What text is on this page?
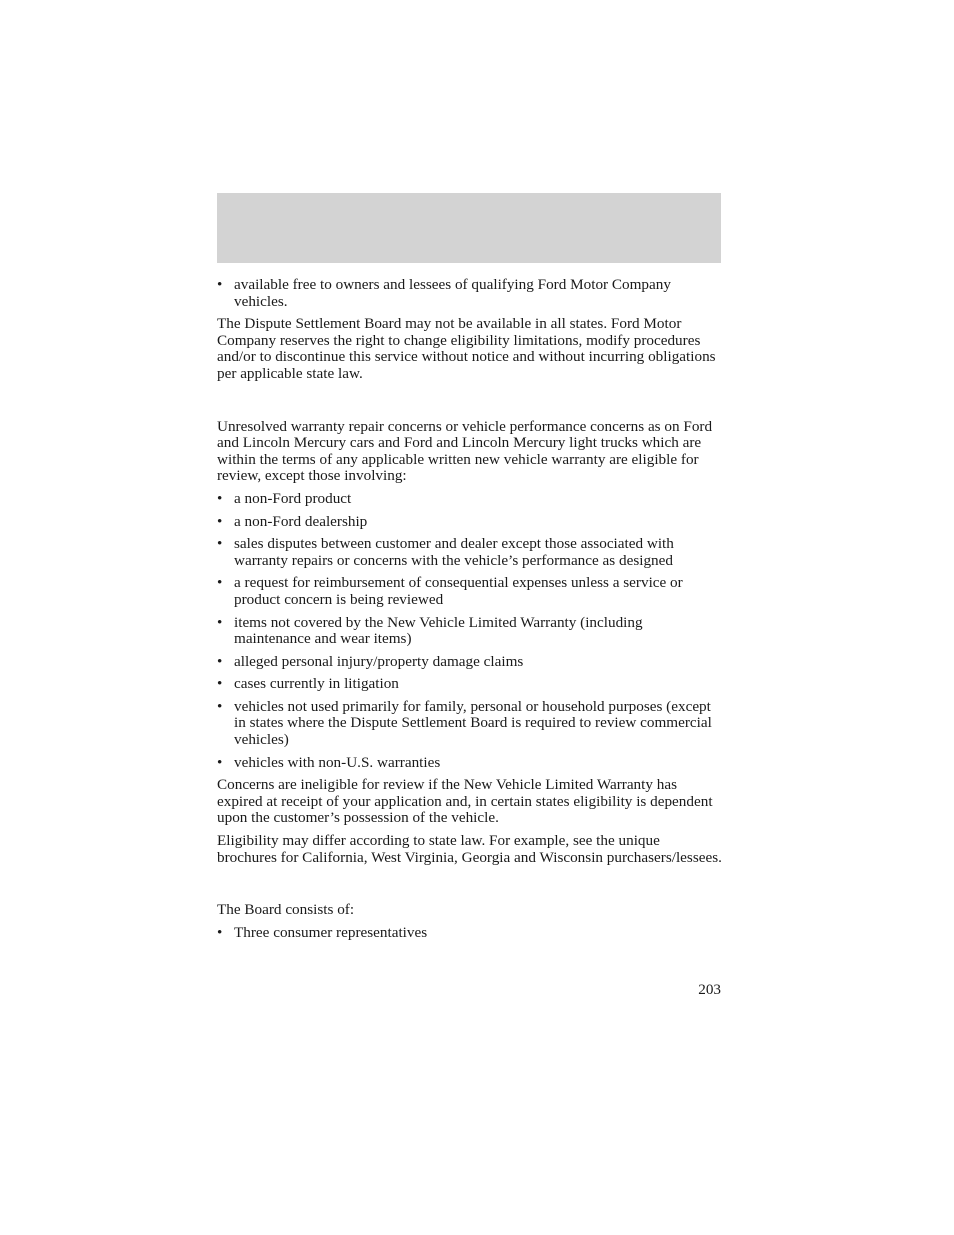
• available free to owners and lessees of qualifying Ford Motor Company vehicles.

The Dispute Settlement Board may not be available in all states. Ford Motor Company reserves the right to change eligibility limitations, modify procedures and/or to discontinue this service without notice and without incurring obligations per applicable state law.

Unresolved warranty repair concerns or vehicle performance concerns as on Ford and Lincoln Mercury cars and Ford and Lincoln Mercury light trucks which are within the terms of any applicable written new vehicle warranty are eligible for review, except those involving:

• a non-Ford product
• a non-Ford dealership
• sales disputes between customer and dealer except those associated with warranty repairs or concerns with the vehicle’s performance as designed
• a request for reimbursement of consequential expenses unless a service or product concern is being reviewed
• items not covered by the New Vehicle Limited Warranty (including maintenance and wear items)
• alleged personal injury/property damage claims
• cases currently in litigation
• vehicles not used primarily for family, personal or household purposes (except in states where the Dispute Settlement Board is required to review commercial vehicles)
• vehicles with non-U.S. warranties

Concerns are ineligible for review if the New Vehicle Limited Warranty has expired at receipt of your application and, in certain states eligibility is dependent upon the customer’s possession of the vehicle.

Eligibility may differ according to state law. For example, see the unique brochures for California, West Virginia, Georgia and Wisconsin purchasers/lessees.

The Board consists of:

• Three consumer representatives
203
